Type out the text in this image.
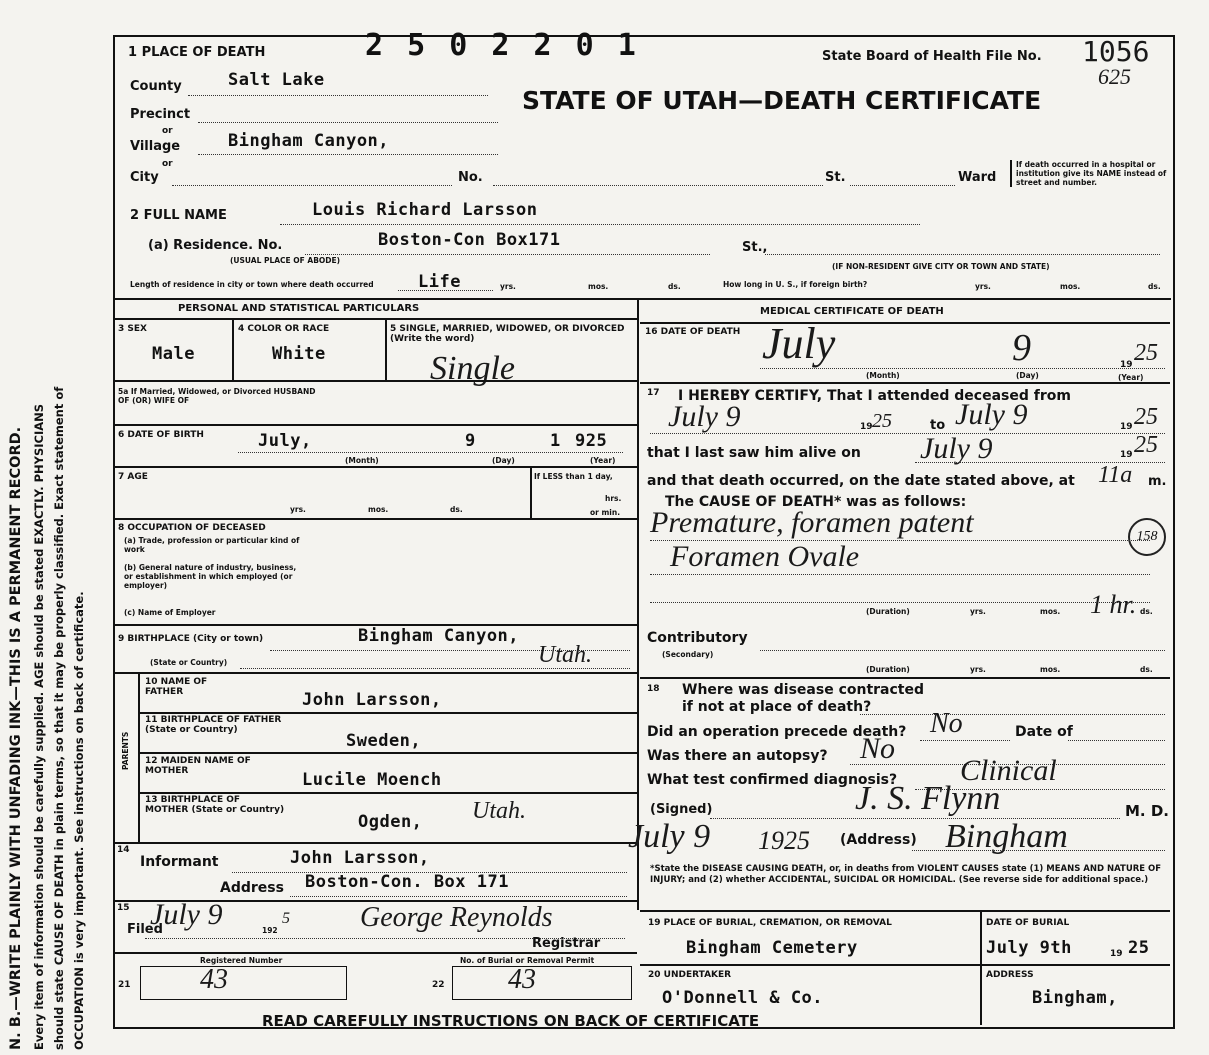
N. B.—WRITE PLAINLY WITH UNFADING INK—THIS IS A PERMANENT RECORD. Every item of information should be carefully supplied. AGE should be stated EXACTLY. PHYSICIANS should state CAUSE OF DEATH in plain terms, so that it may be properly classified. Exact statement of OCCUPATION is very important. See instructions on back of certificate.
1 PLACE OF DEATH	2 5 0 2 2 0 1	State Board of Health File No. 1056
625
STATE OF UTAH—DEATH CERTIFICATE
County	Salt Lake
Precinct
or
Village	Bingham Canyon,
or
City	No.	St.	Ward
If death occurred in a hospital or institution give its NAME instead of street and number.
2 FULL NAME	Louis Richard Larsson
(a) Residence. No.	Boston-Con Box171	St.,
(USUAL PLACE OF ABODE)
(IF NON-RESIDENT GIVE CITY OR TOWN AND STATE)
Length of residence in city or town where death occurred	Life	yrs.	mos.	ds.	How long in U. S., if foreign birth?	yrs.	mos.	ds.
PERSONAL AND STATISTICAL PARTICULARS	MEDICAL CERTIFICATE OF DEATH
3 SEX
Male
4 COLOR OR RACE
White
5 SINGLE, MARRIED, WIDOWED, OR DIVORCED (Write the word)
Single
5a If Married, Widowed, or Divorced HUSBAND OF (OR) WIFE OF
6 DATE OF BIRTH	July,	9	1 925
(Month)	(Day)	(Year)
7 AGE
yrs.	mos.	ds.
If LESS than 1 day,
hrs.
or min.
8 OCCUPATION OF DECEASED
(a) Trade, profession or particular kind of work
(b) General nature of industry, business, or establishment in which employed (or employer)
(c) Name of Employer
9 BIRTHPLACE (City or town)	Bingham Canyon,
(State or Country)	Utah.
PARENTS
10 NAME OF FATHER	John Larsson,
11 BIRTHPLACE OF FATHER (State or Country)
Sweden,
12 MAIDEN NAME OF MOTHER	Lucile Moench
13 BIRTHPLACE OF MOTHER (State or Country)
Ogden, Utah.
14
Informant	John Larsson,
Address Boston-Con. Box 171
15
Filed
July 9	192
5	George Reynolds
Registrar
Registered Number	No. of Burial or Removal Permit
21 43	22 43
16 DATE OF DEATH July	9	19 25
(Month)	(Day)	(Year)
17 I HEREBY CERTIFY, That I attended deceased from
July 9	19 25	to July 9	19 25
that I last saw him alive on July 9	19 25
and that death occurred, on the date stated above, at 11a m.
The CAUSE OF DEATH* was as follows:
Premature, foramen patent
Foramen Ovale
158
(Duration)	yrs.	mos.	ds.
1 hr.
Contributory
(Secondary)
(Duration)	yrs.	mos.	ds.
18 Where was disease contracted
if not at place of death?
Did an operation precede death? No	Date of
Was there an autopsy? No
What test confirmed diagnosis? Clinical
(Signed)	J. S. Flynn	M. D.
July 9 1925 (Address) Bingham
*State the DISEASE CAUSING DEATH, or, in deaths from VIOLENT CAUSES state (1) MEANS AND NATURE OF INJURY; and (2) whether ACCIDENTAL, SUICIDAL OR HOMICIDAL. (See reverse side for additional space.)
19 PLACE OF BURIAL, CREMATION, OR REMOVAL
Bingham Cemetery
DATE OF BURIAL
July 9th	19 25
20 UNDERTAKER
O'Donnell & Co.
ADDRESS
Bingham,
READ CAREFULLY INSTRUCTIONS ON BACK OF CERTIFICATE
